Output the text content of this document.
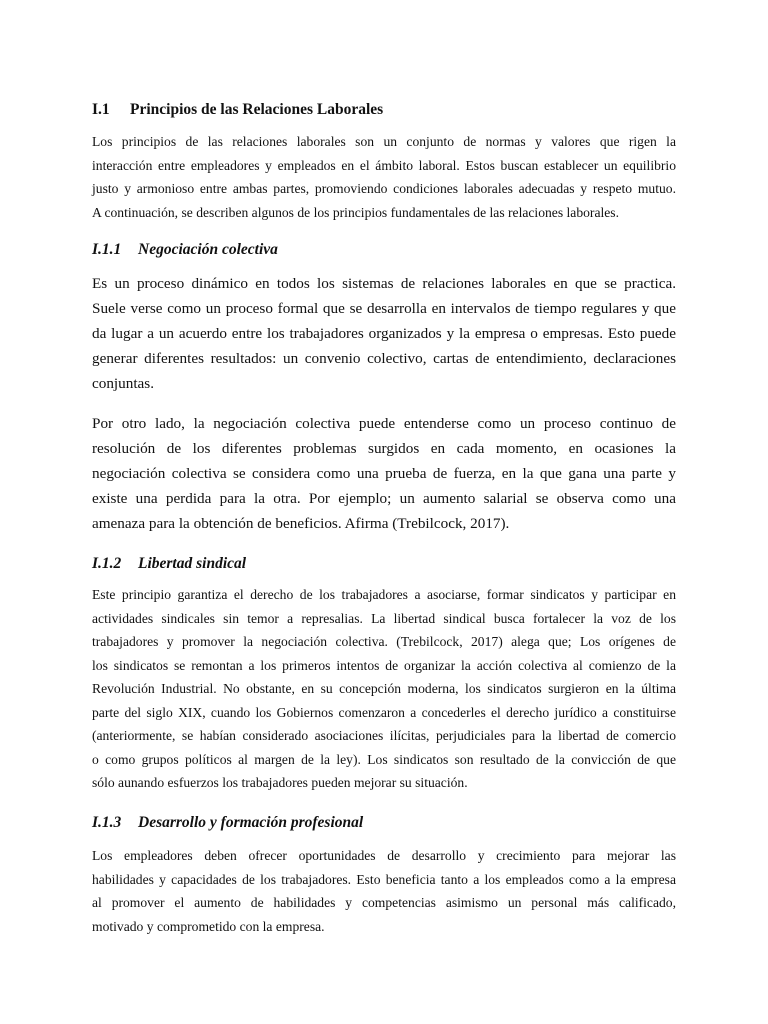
I.1 Principios de las Relaciones Laborales

Los principios de las relaciones laborales son un conjunto de normas y valores que rigen la
interacción entre empleadores y empleados en el ámbito laboral. Estos buscan establecer un equilibrio
justo y armonioso entre ambas partes, promoviendo condiciones laborales adecuadas y respeto mutuo.
A continuación, se describen algunos de los principios fundamentales de las relaciones laborales.

I.1.1 Negociación colectiva

Es un proceso dinámico en todos los sistemas de relaciones laborales en que se practica.
Suele verse como un proceso formal que se desarrolla en intervalos de tiempo regulares y que
da lugar a un acuerdo entre los trabajadores organizados y la empresa o empresas. Esto puede
generar diferentes resultados: un convenio colectivo, cartas de entendimiento, declaraciones
conjuntas.

Por otro lado, la negociación colectiva puede entenderse como un proceso continuo de
resolución de los diferentes problemas surgidos en cada momento, en ocasiones la
negociación colectiva se considera como una prueba de fuerza, en la que gana una parte y
existe una perdida para la otra. Por ejemplo; un aumento salarial se observa como una
amenaza para la obtención de beneficios. Afirma (Trebilcock, 2017).

I.1.2 Libertad sindical

Este principio garantiza el derecho de los trabajadores a asociarse, formar sindicatos y participar en
actividades sindicales sin temor a represalias. La libertad sindical busca fortalecer la voz de los
trabajadores y promover la negociación colectiva. (Trebilcock, 2017) alega que; Los orígenes de
los sindicatos se remontan a los primeros intentos de organizar la acción colectiva al comienzo de la
Revolución Industrial. No obstante, en su concepción moderna, los sindicatos surgieron en la última
parte del siglo XIX, cuando los Gobiernos comenzaron a concederles el derecho jurídico a constituirse
(anteriormente, se habían considerado asociaciones ilícitas, perjudiciales para la libertad de comercio
o como grupos políticos al margen de la ley). Los sindicatos son resultado de la convicción de que
sólo aunando esfuerzos los trabajadores pueden mejorar su situación.

I.1.3 Desarrollo y formación profesional

Los empleadores deben ofrecer oportunidades de desarrollo y crecimiento para mejorar las
habilidades y capacidades de los trabajadores. Esto beneficia tanto a los empleados como a la empresa
al promover el aumento de habilidades y competencias asimismo un personal más calificado,
motivado y comprometido con la empresa.
